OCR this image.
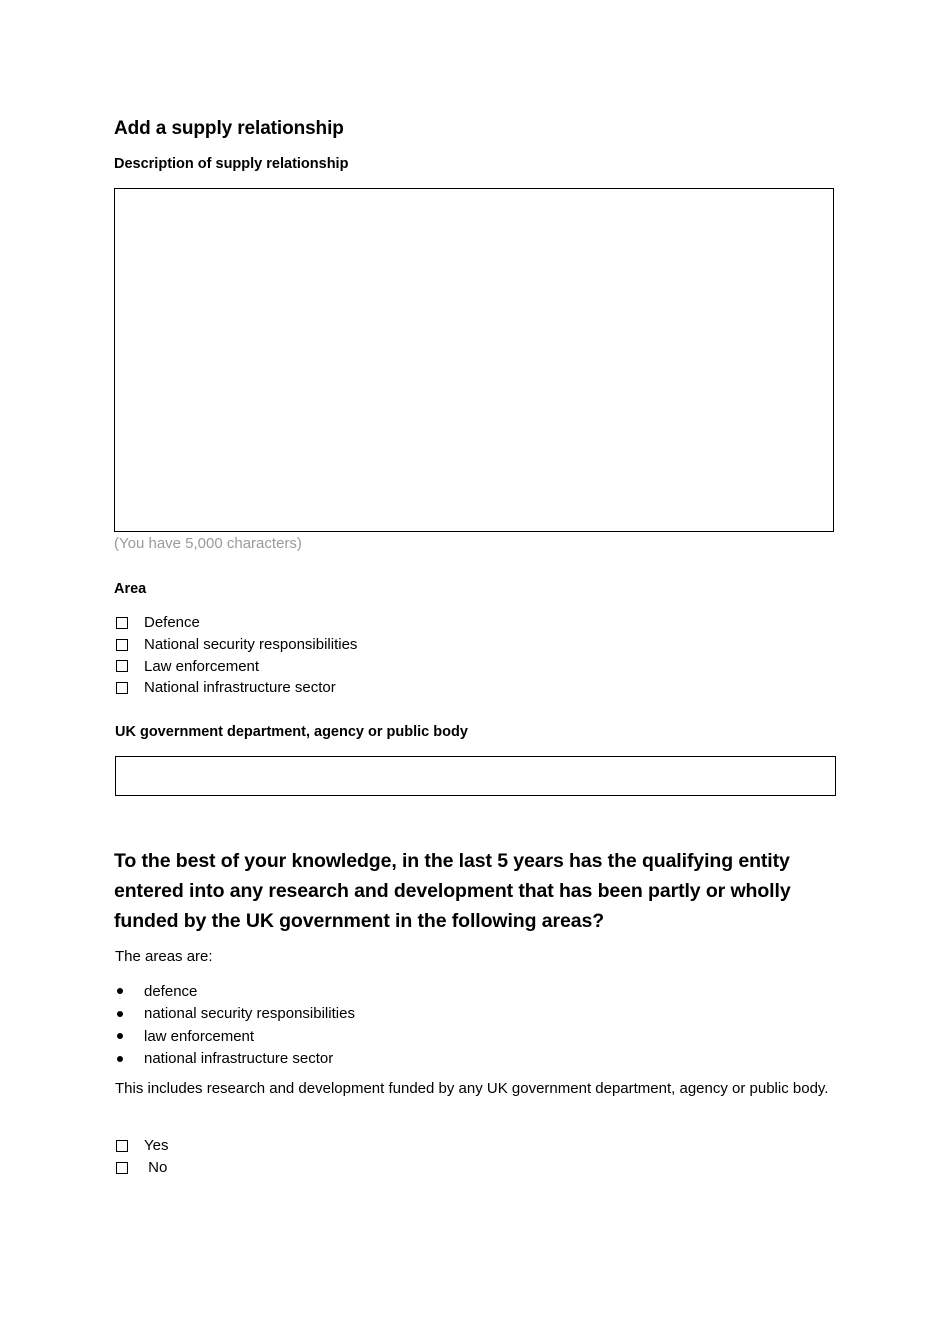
Add a supply relationship
Description of supply relationship
(You have 5,000 characters)
Area
Defence
National security responsibilities
Law enforcement
National infrastructure sector
UK government department, agency or public body
To the best of your knowledge, in the last 5 years has the qualifying entity entered into any research and development that has been partly or wholly funded by the UK government in the following areas?
The areas are:
defence
national security responsibilities
law enforcement
national infrastructure sector
This includes research and development funded by any UK government department, agency or public body.
Yes
No
